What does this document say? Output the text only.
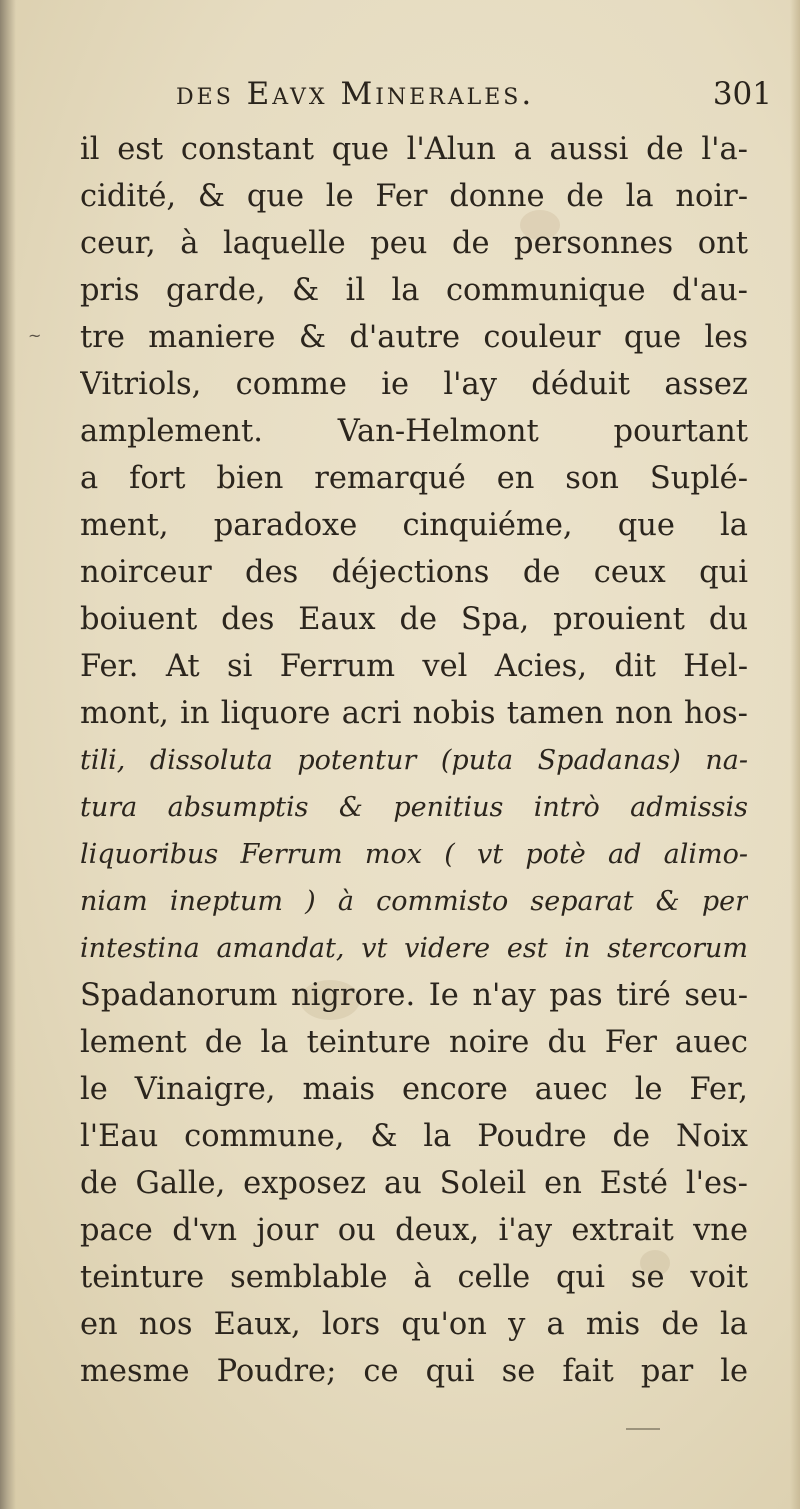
~
des Eavx Minerales.	301
il est constant que l'Alun a aussi de l'a-
cidité, & que le Fer donne de la noir-
ceur, à laquelle peu de personnes ont
pris garde, & il la communique d'au-
tre maniere & d'autre couleur que les
Vitriols, comme ie l'ay déduit assez
amplement. Van-Helmont pourtant
a fort bien remarqué en son Suplé-
ment, paradoxe cinquiéme, que la
noirceur des déjections de ceux qui
boiuent des Eaux de Spa, prouient du
Fer. At si Ferrum vel Acies, dit Hel-
mont, in liquore acri nobis tamen non hos-
tili, dissoluta potentur (puta Spadanas) na-
tura absumptis & penitius intrò admissis
liquoribus Ferrum mox ( vt potè ad alimo-
niam ineptum ) à commisto separat & per
intestina amandat, vt videre est in stercorum
Spadanorum nigrore. Ie n'ay pas tiré seu-
lement de la teinture noire du Fer auec
le Vinaigre, mais encore auec le Fer,
l'Eau commune, & la Poudre de Noix
de Galle, exposez au Soleil en Esté l'es-
pace d'vn jour ou deux, i'ay extrait vne
teinture semblable à celle qui se voit
en nos Eaux, lors qu'on y a mis de la
mesme Poudre; ce qui se fait par le
